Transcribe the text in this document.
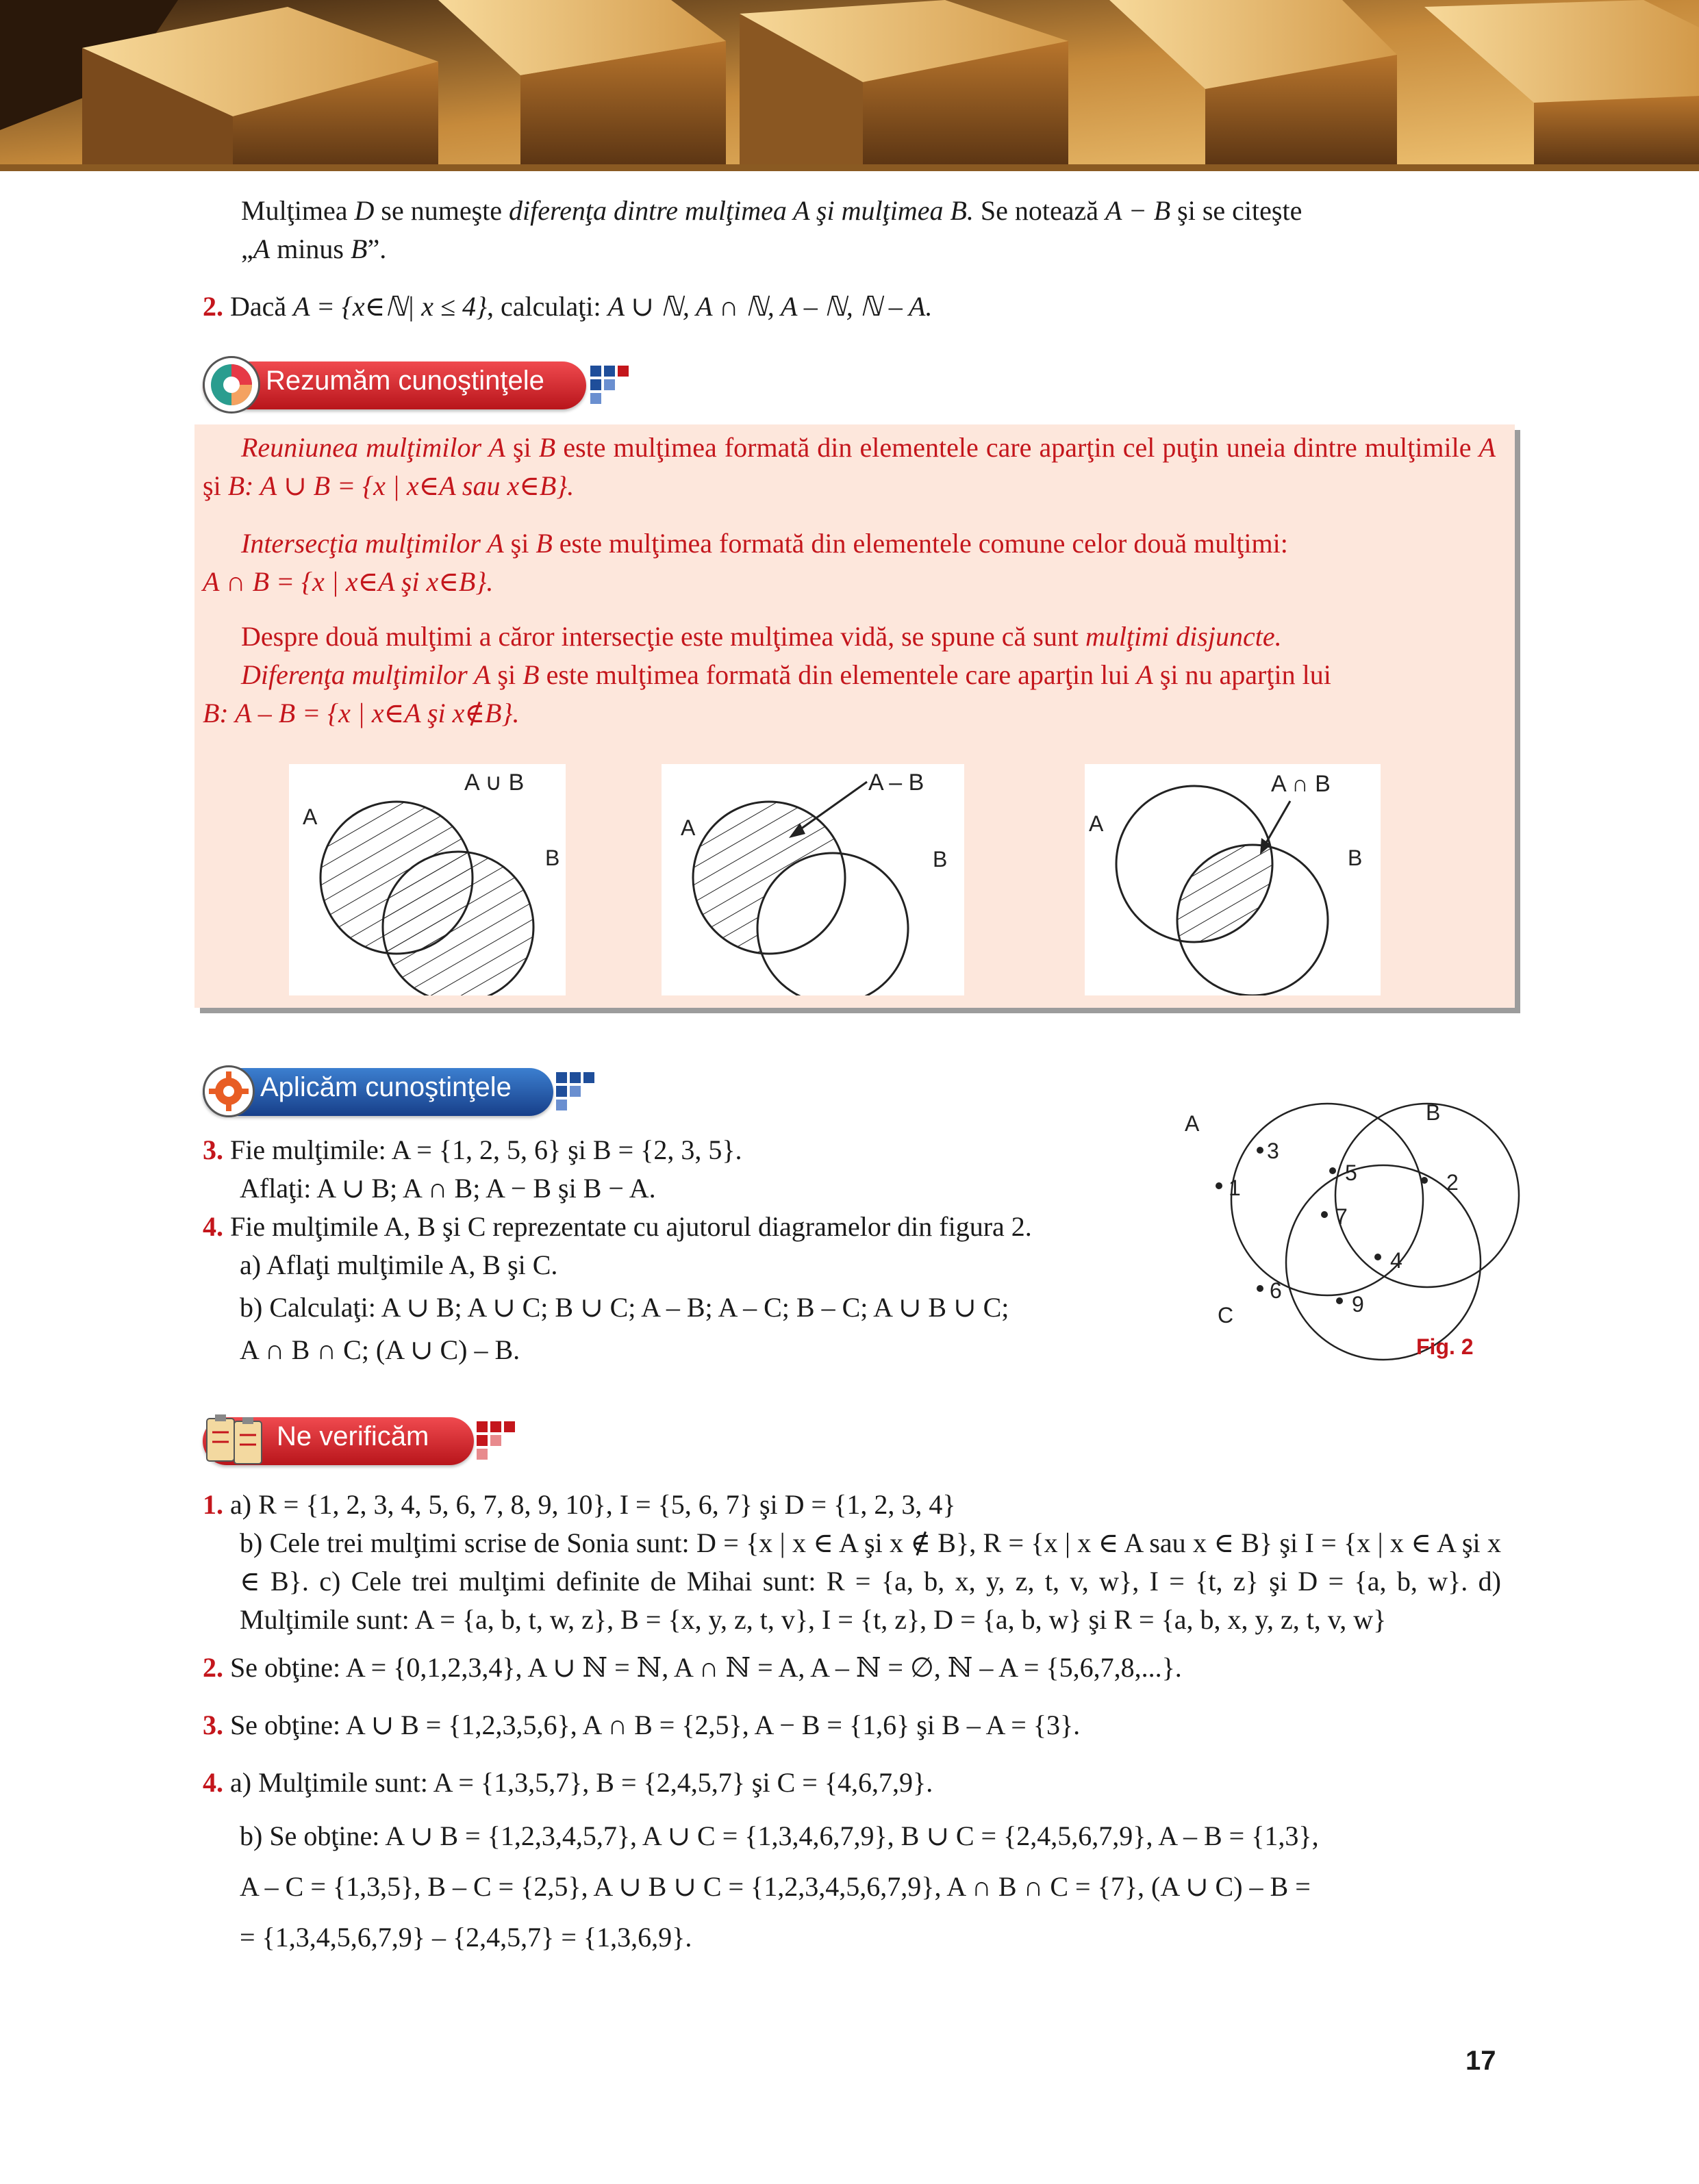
Mulţimea D se numeşte diferenţa dintre mulţimea A şi mulţimea B. Se notează A − B şi se citeşte

„A minus B”.

2. Dacă A = {x∈ℕ| x ≤ 4}, calculaţi: A ∪ ℕ, A ∩ ℕ, A – ℕ, ℕ – A.

Rezumăm cunoştinţele

Reuniunea mulţimilor A şi B este mulţimea formată din elementele care aparţin cel puţin uneia dintre mulţimile A şi B: A ∪ B = {x | x∈A sau x∈B}.

Intersecţia mulţimilor A şi B este mulţimea formată din elementele comune celor două mulţimi:

A ∩ B = {x | x∈A şi x∈B}.

Despre două mulţimi a căror intersecţie este mulţimea vidă, se spune că sunt mulţimi disjuncte.

Diferenţa mulţimilor A şi B este mulţimea formată din elementele care aparţin lui A şi nu aparţin lui

B: A – B = {x | x∈A şi x∉B}.

A ∪ B
A
B
A – B
A
B
A ∩ B
A
B
Aplicăm cunoştinţele

3. Fie mulţimile: A = {1, 2, 5, 6} şi B = {2, 3, 5}.

Aflaţi: A ∪ B; A ∩ B; A − B şi B − A.

4. Fie mulţimile A, B şi C reprezentate cu ajutorul diagramelor din figura 2.

a) Aflaţi mulţimile A, B şi C.

b) Calculaţi: A ∪ B; A ∪ C; B ∪ C; A – B; A – C; B – C; A ∪ B ∪ C;

A ∩ B ∩ C; (A ∪ C) – B.

A	B
C
3
1
5	2
7
4
6
9
Fig. 2
Ne verificăm

1. a) R = {1, 2, 3, 4, 5, 6, 7, 8, 9, 10}, I = {5, 6, 7} şi D = {1, 2, 3, 4}

b) Cele trei mulţimi scrise de Sonia sunt: D = {x | x ∈ A şi x ∉ B}, R = {x | x ∈ A sau x ∈ B} şi I = {x | x ∈ A şi x ∈ B}. c) Cele trei mulţimi definite de Mihai sunt: R = {a, b, x, y, z, t, v, w}, I = {t, z} şi D = {a, b, w}. d) Mulţimile sunt: A = {a, b, t, w, z}, B = {x, y, z, t, v}, I = {t, z}, D = {a, b, w} şi R = {a, b, x, y, z, t, v, w}

2. Se obţine: A = {0,1,2,3,4}, A ∪ ℕ = ℕ, A ∩ ℕ = A, A – ℕ = ∅, ℕ – A = {5,6,7,8,...}.

3. Se obţine: A ∪ B = {1,2,3,5,6}, A ∩ B = {2,5}, A − B = {1,6} şi B – A = {3}.

4. a) Mulţimile sunt: A = {1,3,5,7}, B = {2,4,5,7} şi C = {4,6,7,9}.

b) Se obţine: A ∪ B = {1,2,3,4,5,7}, A ∪ C = {1,3,4,6,7,9}, B ∪ C = {2,4,5,6,7,9}, A – B = {1,3},

A – C = {1,3,5}, B – C = {2,5}, A ∪ B ∪ C = {1,2,3,4,5,6,7,9}, A ∩ B ∩ C = {7}, (A ∪ C) – B =

= {1,3,4,5,6,7,9} – {2,4,5,7} = {1,3,6,9}.

17
